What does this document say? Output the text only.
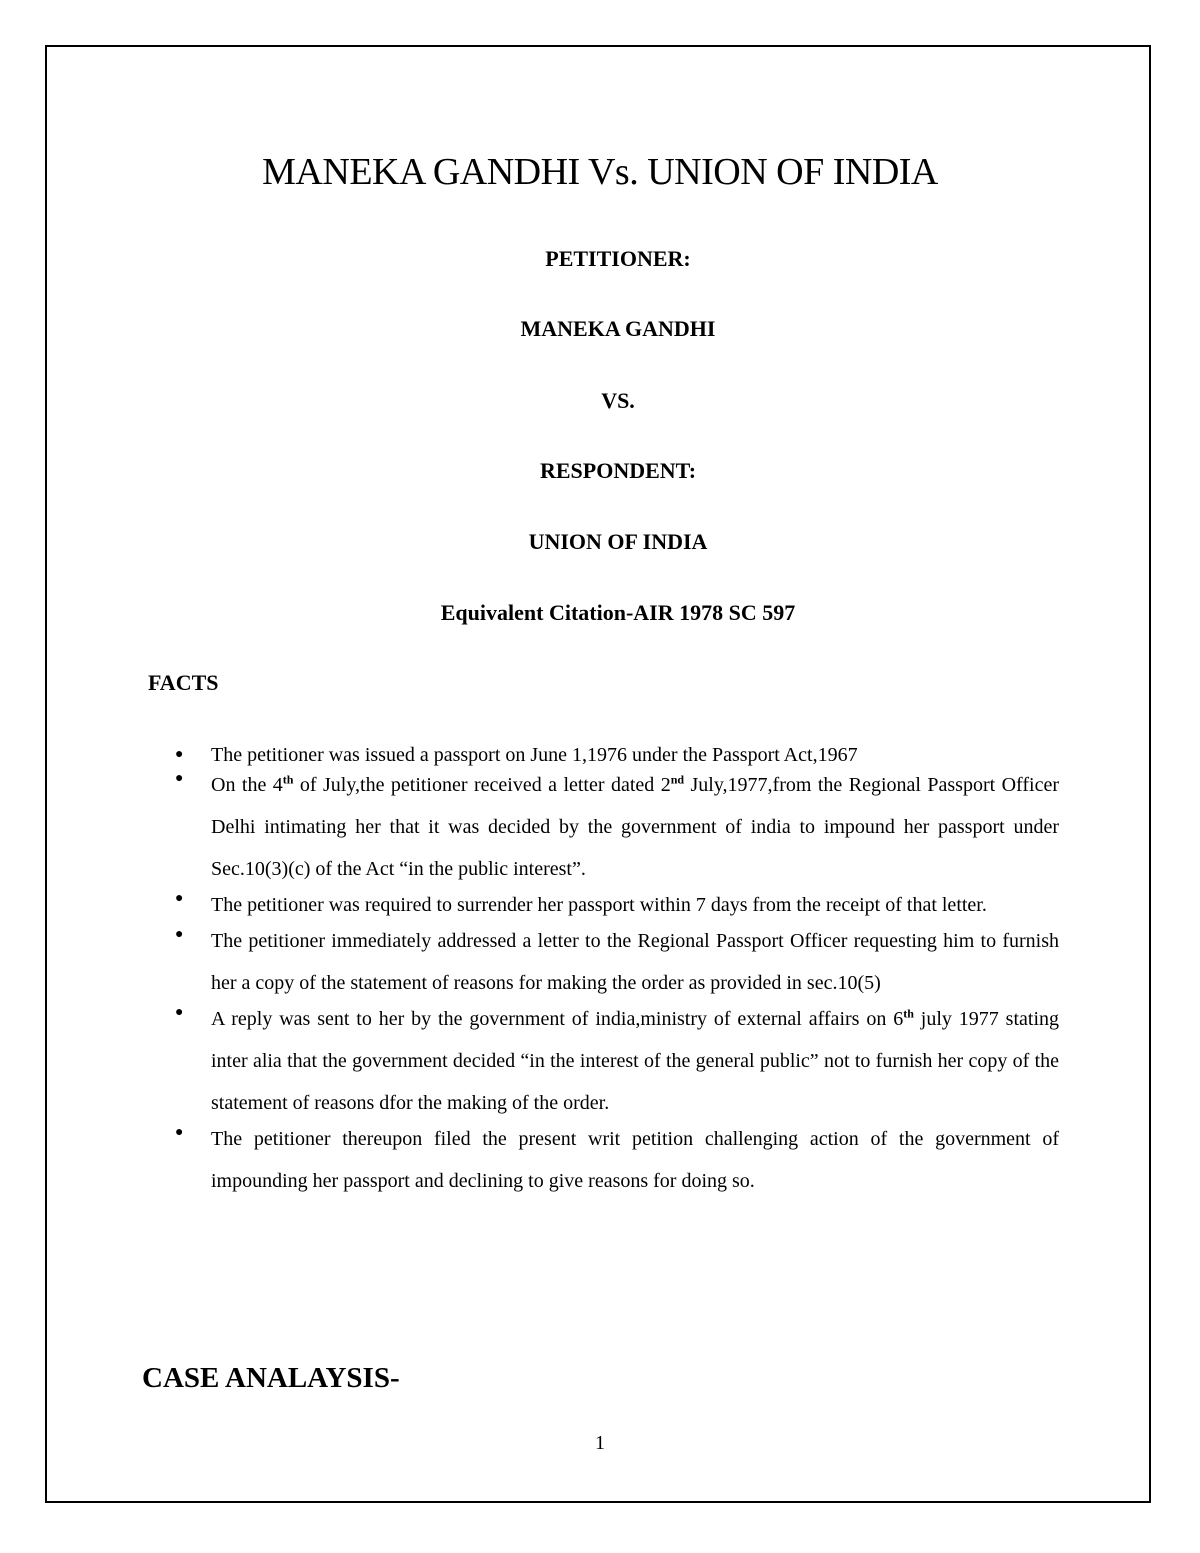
MANEKA GANDHI Vs. UNION OF INDIA

PETITIONER:

MANEKA GANDHI

VS.

RESPONDENT:

UNION OF INDIA

Equivalent Citation-AIR 1978 SC 597

FACTS
● The petitioner was issued a passport on June 1,1976 under the Passport Act,1967
● On the 4th of July,the petitioner received a letter dated 2nd July,1977,from the Regional Passport Officer Delhi intimating her that it was decided by the government of india to impound her passport under Sec.10(3)(c) of the Act “in the public interest”.
● The petitioner was required to surrender her passport within 7 days from the receipt of that letter.
● The petitioner immediately addressed a letter to the Regional Passport Officer requesting him to furnish her a copy of the statement of reasons for making the order as provided in sec.10(5)
● A reply was sent to her by the government of india,ministry of external affairs on 6th july 1977 stating inter alia that the government decided “in the interest of the general public” not to furnish her copy of the statement of reasons dfor the making of the order.
● The petitioner thereupon filed the present writ petition challenging action of the government of impounding her passport and declining to give reasons for doing so.
CASE ANALAYSIS-

1
